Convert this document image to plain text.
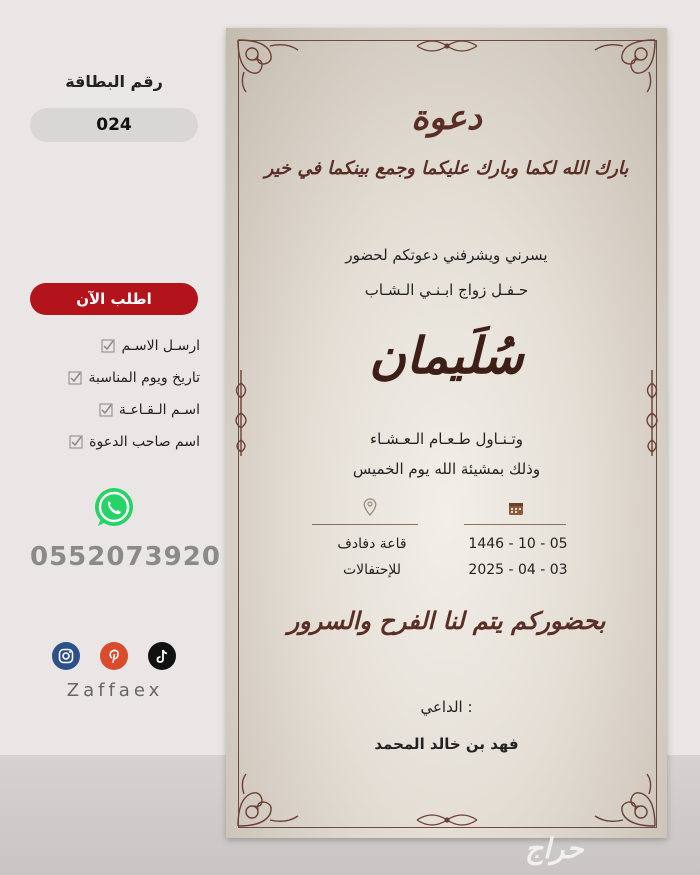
رقم البطاقة
024
اطلب الآن
ارسـل الاسـم
تاريخ ويوم المناسبة
اسـم الـقـاعـة
اسم صاحب الدعوة
0552073920
Zaffaex
دعوة
بارك الله لكما وبارك عليكما وجمع بينكما في خير
يسرني ويشرفني دعوتكم لحضور
حـفـل زواج ابـنـي الـشـاب
سُلَيمان
وتـنـاول طـعـام الـعـشـاء
وذلك بمشيئة الله يوم الخميس
قاعة دفادف
للإحتفالات
1446 - 10 - 05
2025 - 04 - 03
بحضوركم يتم لنا الفرح والسرور
الداعي :
فهد بن خالد المحمد
حراج
